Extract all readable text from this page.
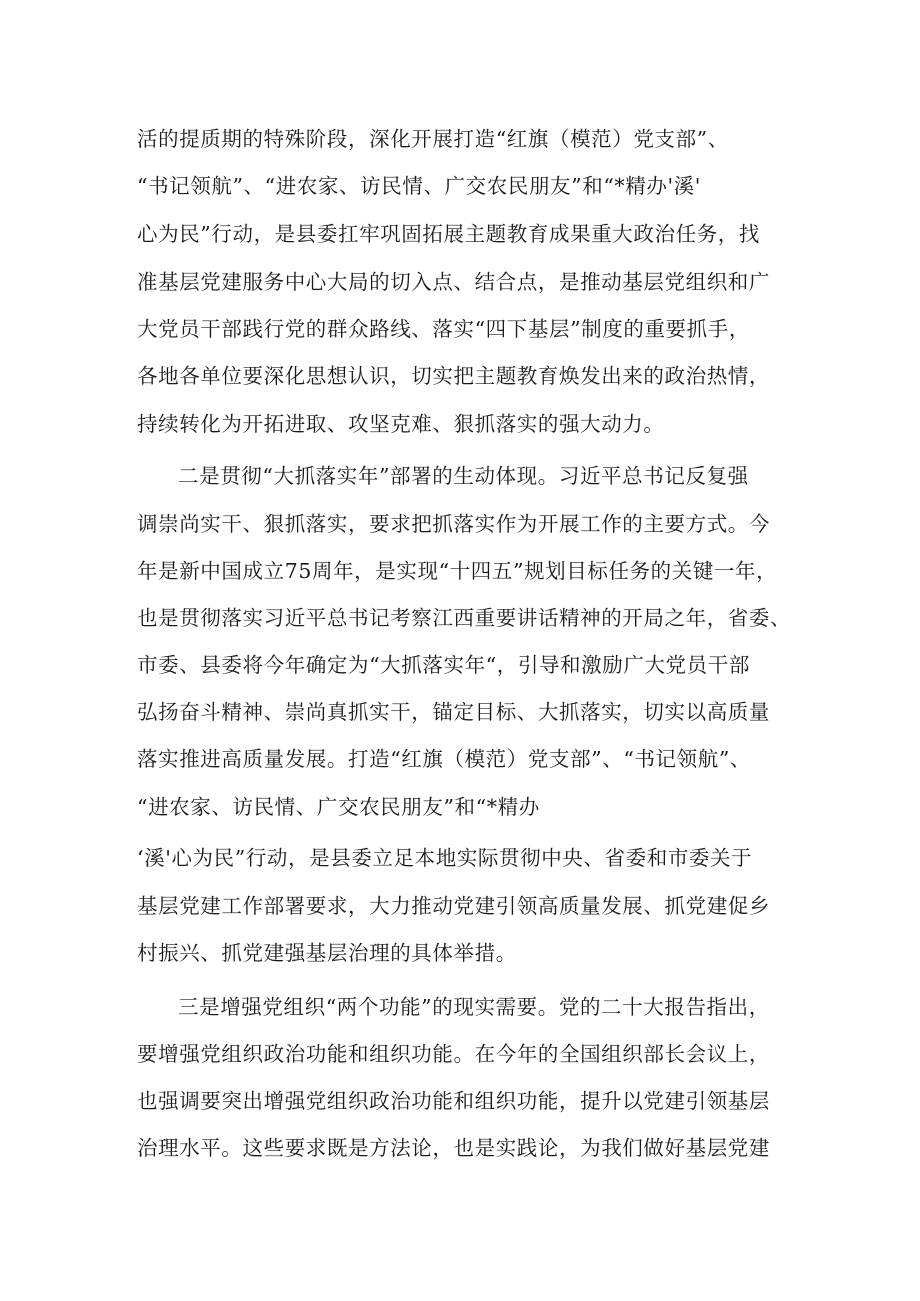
活的提质期的特殊阶段，深化开展打造“红旗（模范）党支部”、
“书记领航”、“进农家、访民情、广交农民朋友”和“*精办'溪'
心为民”行动，是县委扛牢巩固拓展主题教育成果重大政治任务，找
准基层党建服务中心大局的切入点、结合点，是推动基层党组织和广
大党员干部践行党的群众路线、落实“四下基层”制度的重要抓手，
各地各单位要深化思想认识，切实把主题教育焕发出来的政治热情，
持续转化为开拓进取、攻坚克难、狠抓落实的强大动力。
二是贯彻“大抓落实年”部署的生动体现。习近平总书记反复强
调崇尚实干、狠抓落实，要求把抓落实作为开展工作的主要方式。今
年是新中国成立75周年，是实现“十四五”规划目标任务的关键一年，
也是贯彻落实习近平总书记考察江西重要讲话精神的开局之年，省委、
市委、县委将今年确定为“大抓落实年“，引导和激励广大党员干部
弘扬奋斗精神、崇尚真抓实干，锚定目标、大抓落实，切实以高质量
落实推进高质量发展。打造“红旗（模范）党支部”、“书记领航”、
“进农家、访民情、广交农民朋友”和“*精办
‘溪'心为民”行动，是县委立足本地实际贯彻中央、省委和市委关于
基层党建工作部署要求，大力推动党建引领高质量发展、抓党建促乡
村振兴、抓党建强基层治理的具体举措。
三是增强党组织“两个功能”的现实需要。党的二十大报告指出，
要增强党组织政治功能和组织功能。在今年的全国组织部长会议上，
也强调要突出增强党组织政治功能和组织功能，提升以党建引领基层
治理水平。这些要求既是方法论，也是实践论，为我们做好基层党建
